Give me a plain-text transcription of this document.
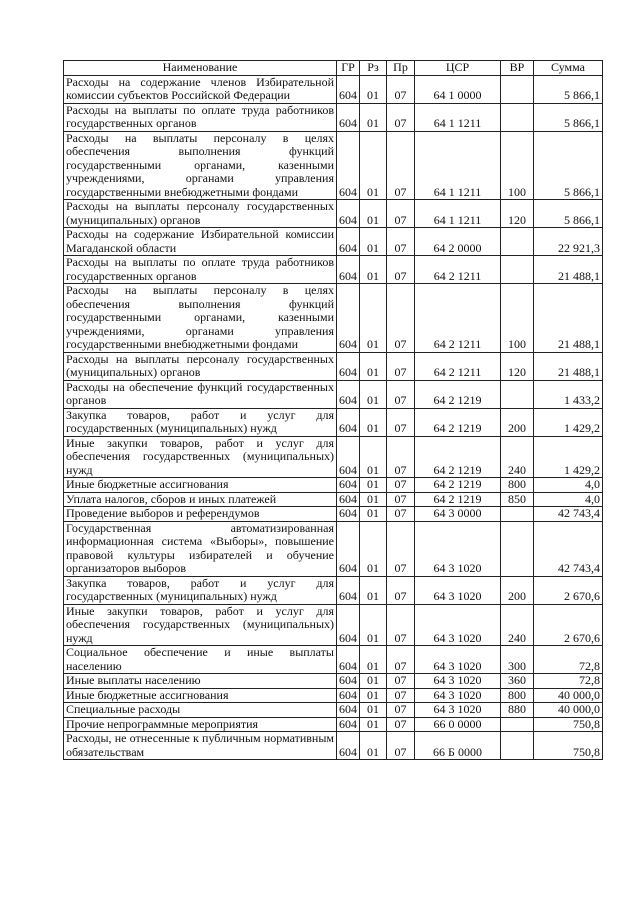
Наименование	ГР	Рз	Пр	ЦСР	ВР	Сумма
Расходы на содержание членов Избирательной комиссии субъектов Российской Федерации	604	01	07	64 1 0000		5 866,1
Расходы на выплаты по оплате труда работников государственных органов	604	01	07	64 1 1211		5 866,1
Расходы на выплаты персоналу в целях обеспечения выполнения функций государственными органами, казенными учреждениями, органами управления государственными внебюджетными фондами	604	01	07	64 1 1211	100	5 866,1
Расходы на выплаты персоналу государственных (муниципальных) органов	604	01	07	64 1 1211	120	5 866,1
Расходы на содержание Избирательной комиссии Магаданской области	604	01	07	64 2 0000		22 921,3
Расходы на выплаты по оплате труда работников государственных органов	604	01	07	64 2 1211		21 488,1
Расходы на выплаты персоналу в целях обеспечения выполнения функций государственными органами, казенными учреждениями, органами управления государственными внебюджетными фондами	604	01	07	64 2 1211	100	21 488,1
Расходы на выплаты персоналу государственных (муниципальных) органов	604	01	07	64 2 1211	120	21 488,1
Расходы на обеспечение функций государственных органов	604	01	07	64 2 1219		1 433,2
Закупка товаров, работ и услуг для государственных (муниципальных) нужд	604	01	07	64 2 1219	200	1 429,2
Иные закупки товаров, работ и услуг для обеспечения государственных (муниципальных) нужд	604	01	07	64 2 1219	240	1 429,2
Иные бюджетные ассигнования	604	01	07	64 2 1219	800	4,0
Уплата налогов, сборов и иных платежей	604	01	07	64 2 1219	850	4,0
Проведение выборов и референдумов	604	01	07	64 3 0000		42 743,4
Государственная автоматизированная информационная система «Выборы», повышение правовой культуры избирателей и обучение организаторов выборов	604	01	07	64 3 1020		42 743,4
Закупка товаров, работ и услуг для государственных (муниципальных) нужд	604	01	07	64 3 1020	200	2 670,6
Иные закупки товаров, работ и услуг для обеспечения государственных (муниципальных) нужд	604	01	07	64 3 1020	240	2 670,6
Социальное обеспечение и иные выплаты населению	604	01	07	64 3 1020	300	72,8
Иные выплаты населению	604	01	07	64 3 1020	360	72,8
Иные бюджетные ассигнования	604	01	07	64 3 1020	800	40 000,0
Специальные расходы	604	01	07	64 3 1020	880	40 000,0
Прочие непрограммные мероприятия	604	01	07	66 0 0000		750,8
Расходы, не отнесенные к публичным нормативным обязательствам	604	01	07	66 Б 0000		750,8
